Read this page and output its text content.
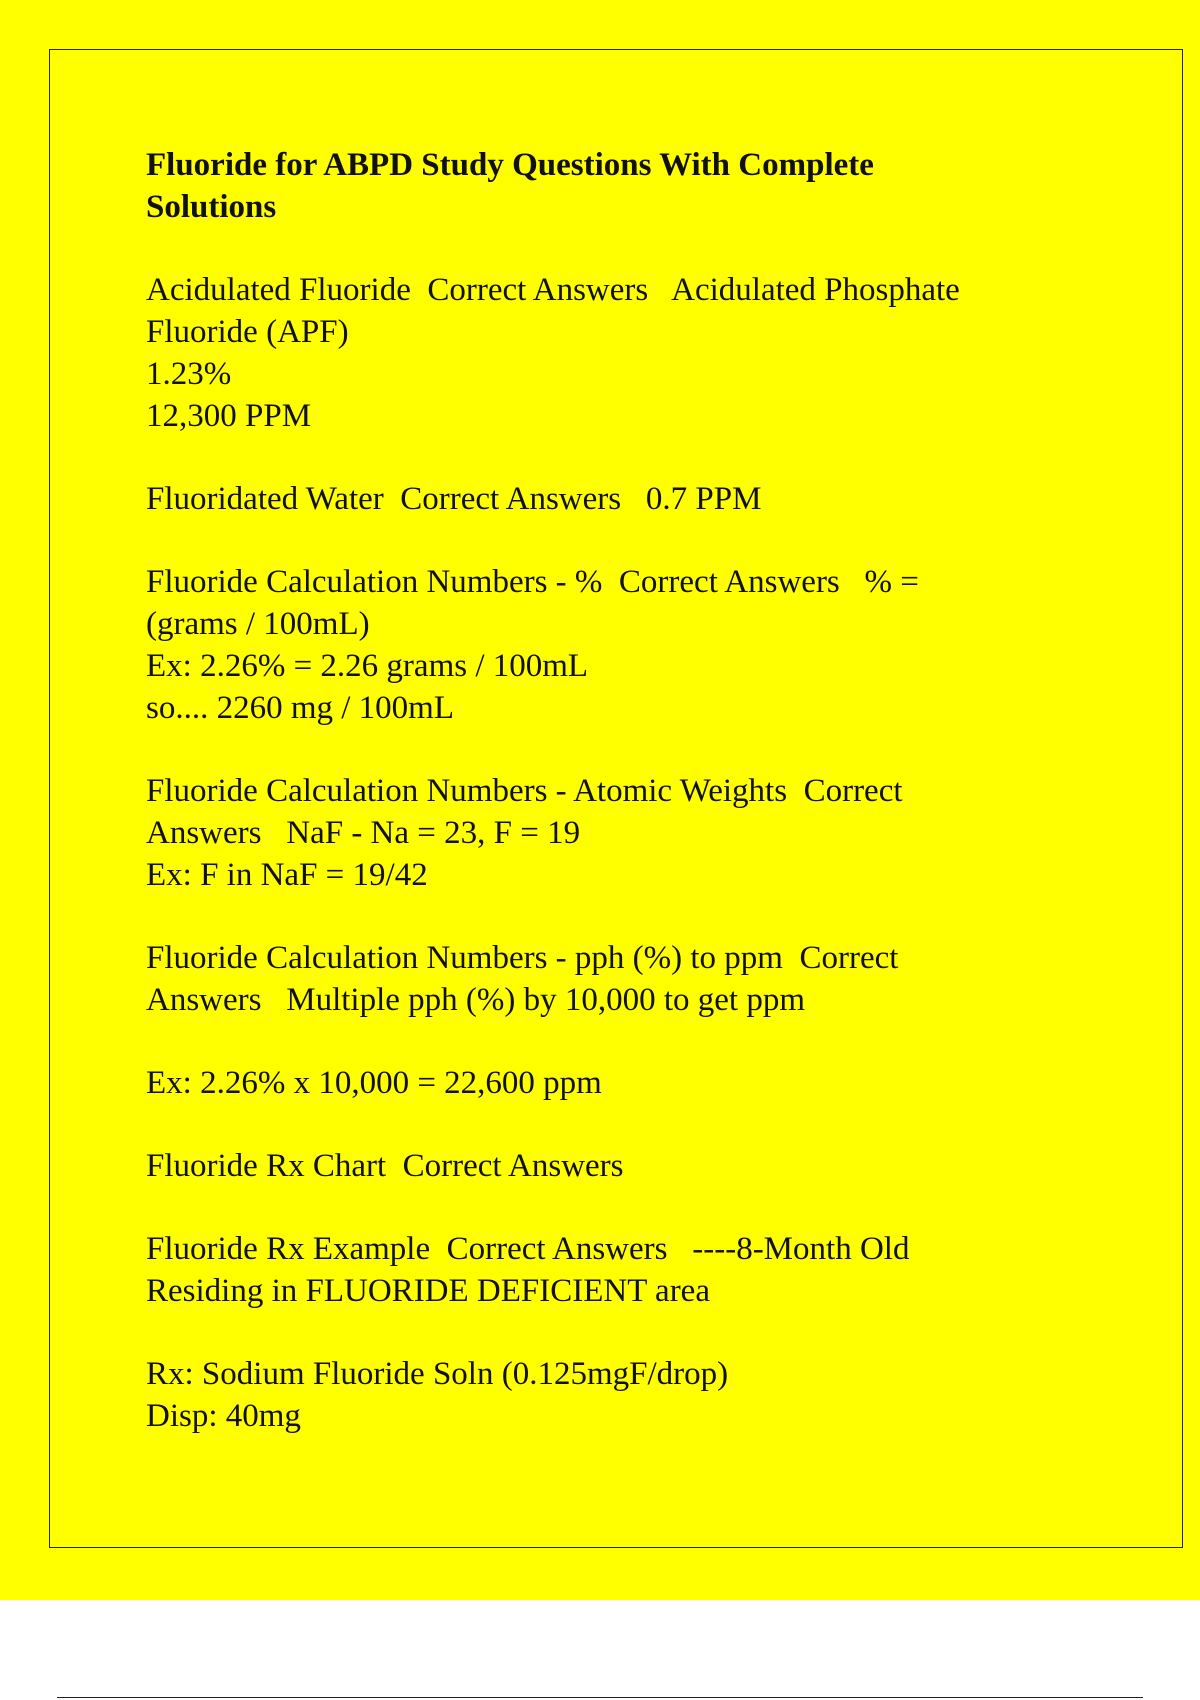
Fluoride for ABPD Study Questions With Complete
Solutions
Acidulated Fluoride  Correct Answers   Acidulated Phosphate
Fluoride (APF)
1.23%
12,300 PPM
Fluoridated Water  Correct Answers   0.7 PPM
Fluoride Calculation Numbers - %  Correct Answers   % =
(grams / 100mL)
Ex: 2.26% = 2.26 grams / 100mL
so.... 2260 mg / 100mL
Fluoride Calculation Numbers - Atomic Weights  Correct
Answers   NaF - Na = 23, F = 19
Ex: F in NaF = 19/42
Fluoride Calculation Numbers - pph (%) to ppm  Correct
Answers   Multiple pph (%) by 10,000 to get ppm
Ex: 2.26% x 10,000 = 22,600 ppm
Fluoride Rx Chart  Correct Answers
Fluoride Rx Example  Correct Answers   ----8-Month Old
Residing in FLUORIDE DEFICIENT area
Rx: Sodium Fluoride Soln (0.125mgF/drop)
Disp: 40mg
